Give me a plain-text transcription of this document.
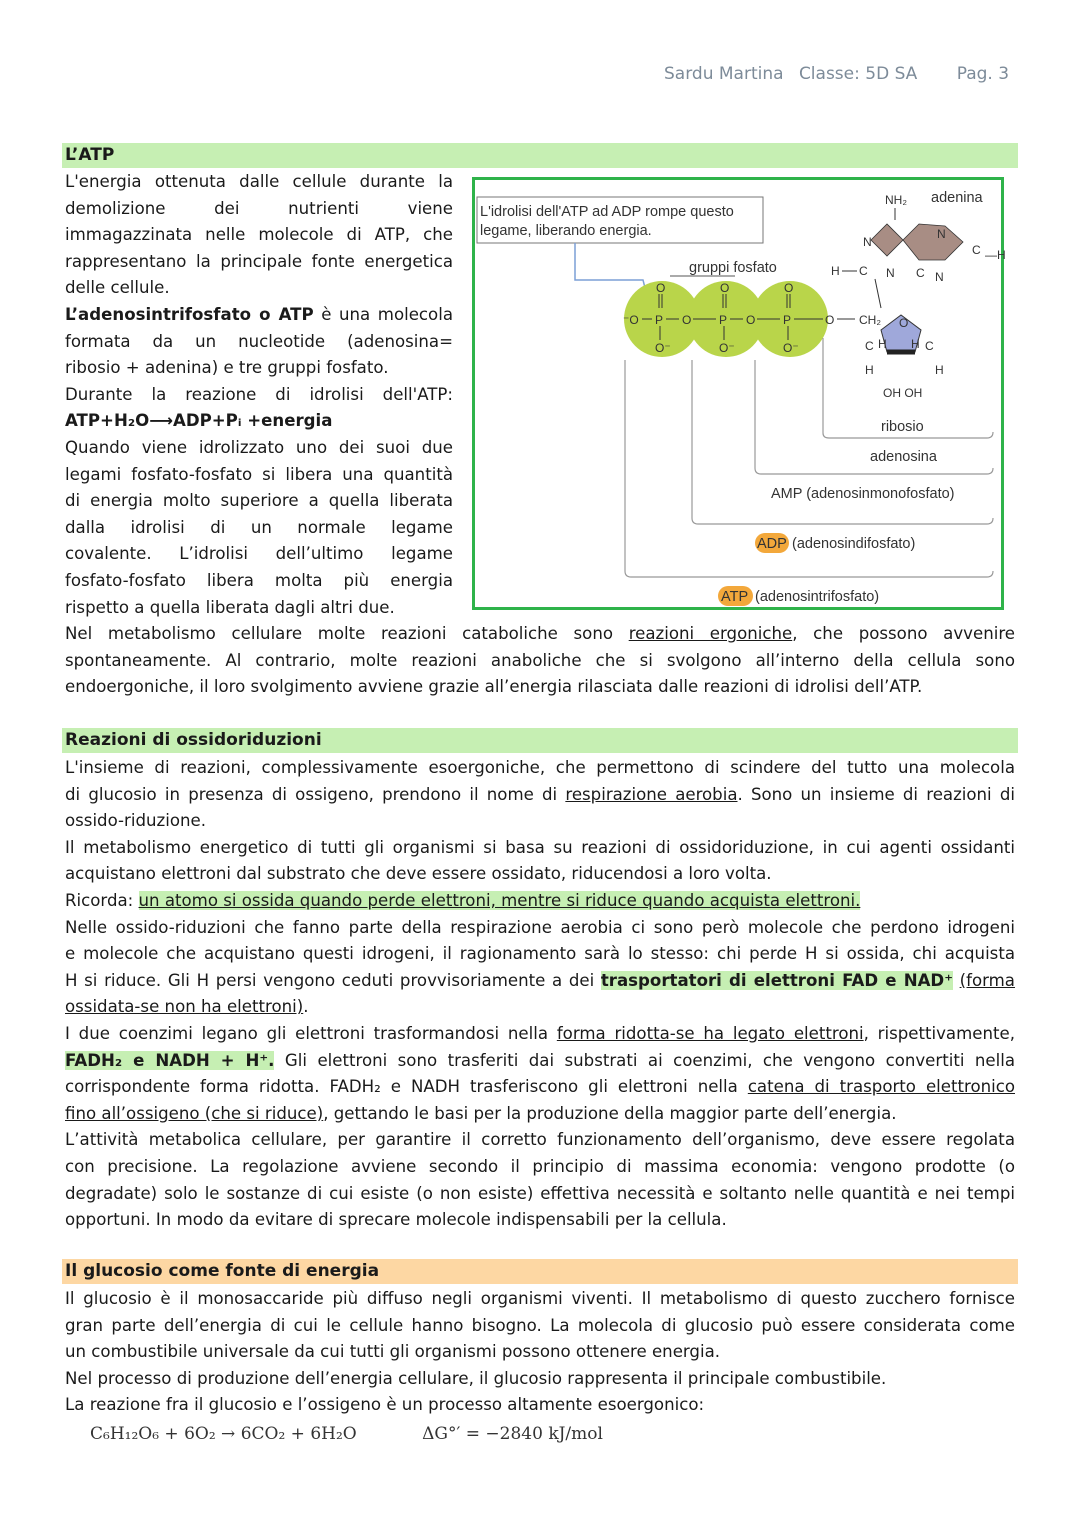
Sardu Martina Classe: 5D SA Pag. 3
L’ATP
L'energia ottenuta dalle cellule durante la
demolizione dei nutrienti viene
immagazzinata nelle molecole di ATP, che
rappresentano la principale fonte energetica
delle cellule.
L’adenosintrifosfato o ATP è una molecola
formata da un nucleotide (adenosina=
ribosio + adenina) e tre gruppi fosfato.
Durante la reazione di idrolisi dell'ATP:
ATP+H₂O⟶ADP+Pᵢ +energia
Quando viene idrolizzato uno dei suoi due
legami fosfato-fosfato si libera una quantità
di energia molto superiore a quella liberata
dalla idrolisi di un normale legame
covalente. L’idrolisi dell’ultimo legame
fosfato-fosfato libera molta più energia
rispetto a quella liberata dagli altri due.
L'idrolisi dell'ATP ad ADP rompe questo
legame, liberando energia.
gruppi fosfato
⁻O P O P O P	O
O	O	O
O⁻	O⁻	O⁻
CH₂ O
C H H C
H	H
OH OH
ribosio
NH₂
N
H C
N
C —H
N
N C
adenina
adenosina
AMP (adenosinmonofosfato)
ADP (adenosindifosfato)
ATP (adenosintrifosfato)
Nel metabolismo cellulare molte reazioni cataboliche sono reazioni ergoniche, che possono avvenire
spontaneamente. Al contrario, molte reazioni anaboliche che si svolgono all’interno della cellula sono
endoergoniche, il loro svolgimento avviene grazie all’energia rilasciata dalle reazioni di idrolisi dell’ATP.
Reazioni di ossidoriduzioni
L'insieme di reazioni, complessivamente esoergoniche, che permettono di scindere del tutto una molecola
di glucosio in presenza di ossigeno, prendono il nome di respirazione aerobia. Sono un insieme di reazioni di
ossido-riduzione.
Il metabolismo energetico di tutti gli organismi si basa su reazioni di ossidoriduzione, in cui agenti ossidanti
acquistano elettroni dal substrato che deve essere ossidato, riducendosi a loro volta.
Ricorda: un atomo si ossida quando perde elettroni, mentre si riduce quando acquista elettroni.
Nelle ossido-riduzioni che fanno parte della respirazione aerobia ci sono però molecole che perdono idrogeni
e molecole che acquistano questi idrogeni, il ragionamento sarà lo stesso: chi perde H si ossida, chi acquista
H si riduce. Gli H persi vengono ceduti provvisoriamente a dei trasportatori di elettroni FAD e NAD⁺ (forma
ossidata-se non ha elettroni).
I due coenzimi legano gli elettroni trasformandosi nella forma ridotta-se ha legato elettroni, rispettivamente,
FADH₂ e NADH + H⁺. Gli elettroni sono trasferiti dai substrati ai coenzimi, che vengono convertiti nella
corrispondente forma ridotta. FADH₂ e NADH trasferiscono gli elettroni nella catena di trasporto elettronico
fino all’ossigeno (che si riduce), gettando le basi per la produzione della maggior parte dell’energia.
L’attività metabolica cellulare, per garantire il corretto funzionamento dell’organismo, deve essere regolata
con precisione. La regolazione avviene secondo il principio di massima economia: vengono prodotte (o
degradate) solo le sostanze di cui esiste (o non esiste) effettiva necessità e soltanto nelle quantità e nei tempi
opportuni. In modo da evitare di sprecare molecole indispensabili per la cellula.
Il glucosio come fonte di energia
Il glucosio è il monosaccaride più diffuso negli organismi viventi. Il metabolismo di questo zucchero fornisce
gran parte dell’energia di cui le cellule hanno bisogno. La molecola di glucosio può essere considerata come
un combustibile universale da cui tutti gli organismi possono ottenere energia.
Nel processo di produzione dell’energia cellulare, il glucosio rappresenta il principale combustibile.
La reazione fra il glucosio e l’ossigeno è un processo altamente esoergonico:
C₆H₁₂O₆ + 6O₂ → 6CO₂ + 6H₂O	ΔG°′ = −2840 kJ/mol
